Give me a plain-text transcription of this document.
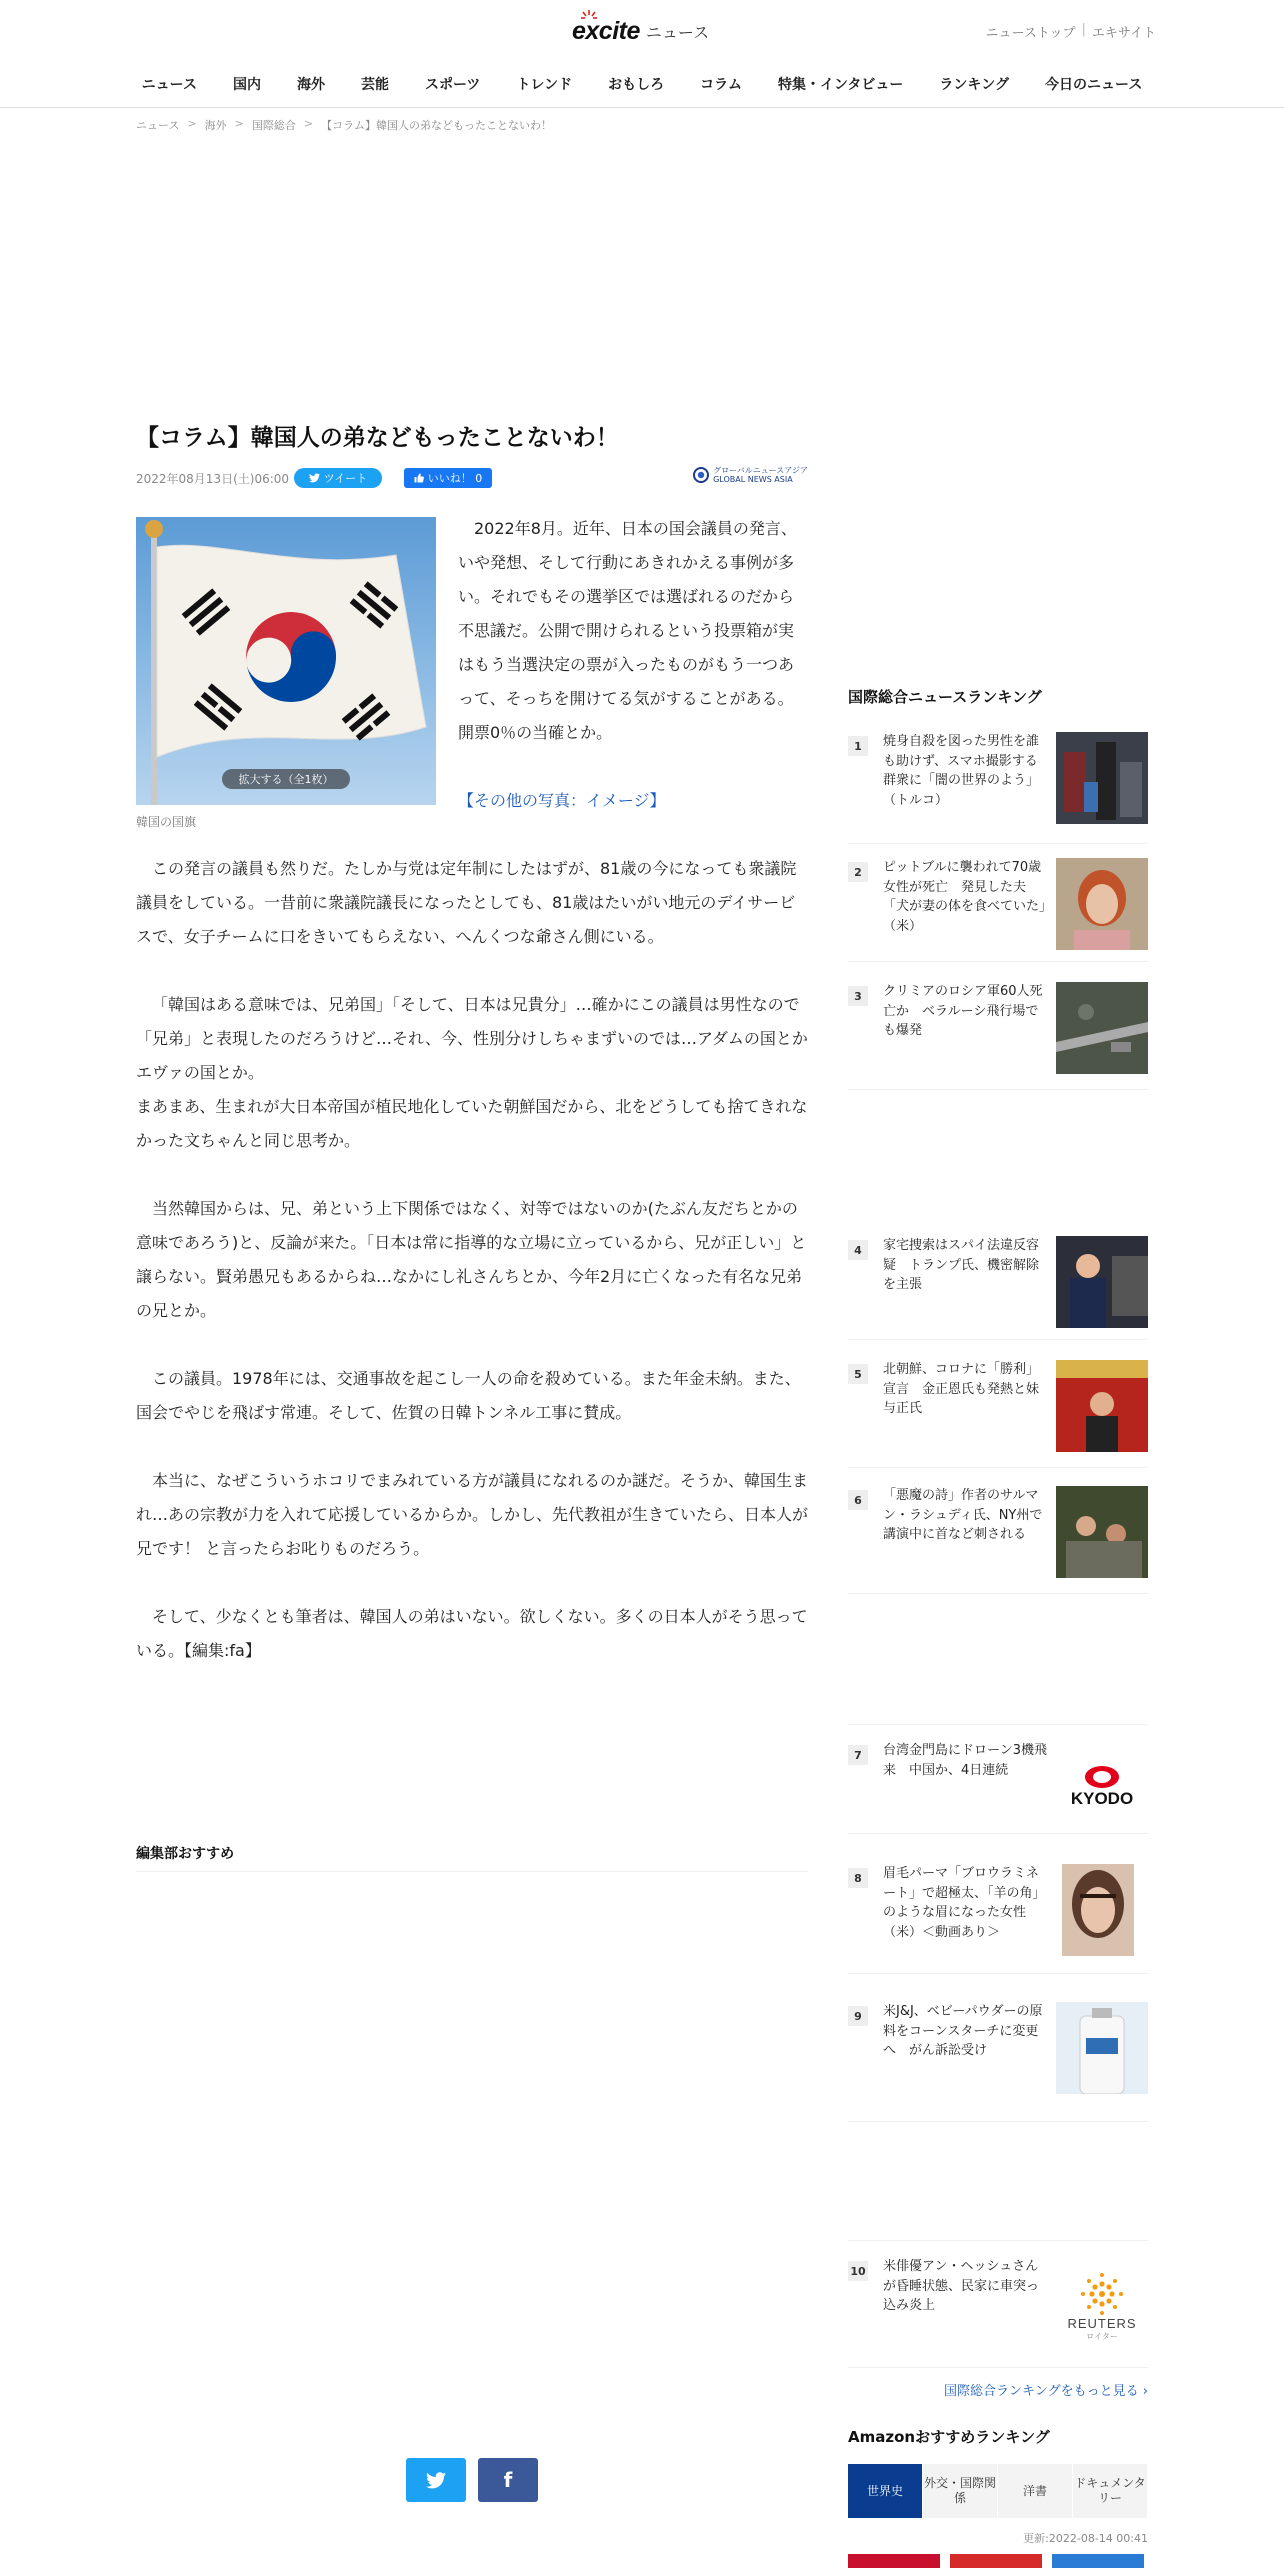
excite ニュース	ニューストップ | エキサイト
ニュース	国内	海外	芸能	スポーツ	トレンド	おもしろ	コラム	特集・インタビュー	ランキング	今日のニュース
ニュース > 海外 > 国際総合 > 【コラム】韓国人の弟などもったことないわ！
【コラム】韓国人の弟などもったことないわ！
2022年08月13日(土)06:00	ツイート	いいね！ 0
グローバルニュースアジア
GLOBAL NEWS ASIA
拡大する（全1枚）
韓国の国旗

2022年8月。近年、日本の国会議員の発言、いや発想、そして行動にあきれかえる事例が多い。それでもその選挙区では選ばれるのだから不思議だ。公開で開けられるという投票箱が実はもう当選決定の票が入ったものがもう一つあって、そっちを開けてる気がすることがある。開票0％の当確とか。

【その他の写真：イメージ】

この発言の議員も然りだ。たしか与党は定年制にしたはずが、81歳の今になっても衆議院議員をしている。一昔前に衆議院議長になったとしても、81歳はたいがい地元のデイサービスで、女子チームに口をきいてもらえない、へんくつな爺さん側にいる。

「韓国はある意味では、兄弟国」「そして、日本は兄貴分」…確かにこの議員は男性なので「兄弟」と表現したのだろうけど…それ、今、性別分けしちゃまずいのでは…アダムの国とかエヴァの国とか。

まあまあ、生まれが大日本帝国が植民地化していた朝鮮国だから、北をどうしても捨てきれなかった文ちゃんと同じ思考か。

当然韓国からは、兄、弟という上下関係ではなく、対等ではないのか(たぶん友だちとかの意味であろう)と、反論が来た。「日本は常に指導的な立場に立っているから、兄が正しい」と譲らない。賢弟愚兄もあるからね…なかにし礼さんちとか、今年2月に亡くなった有名な兄弟の兄とか。

この議員。1978年には、交通事故を起こし一人の命を殺めている。また年金未納。また、国会でやじを飛ばす常連。そして、佐賀の日韓トンネル工事に賛成。

本当に、なぜこういうホコリでまみれている方が議員になれるのか謎だ。そうか、韓国生まれ…あの宗教が力を入れて応援しているからか。しかし、先代教祖が生きていたら、日本人が兄です！ と言ったらお叱りものだろう。

そして、少なくとも筆者は、韓国人の弟はいない。欲しくない。多くの日本人がそう思っている。【編集:fa】

編集部おすすめ
f
国際総合ニュースランキング
1	焼身自殺を図った男性を誰も助けず、スマホ撮影する群衆に「闇の世界のよう」（トルコ）
2	ピットブルに襲われて70歳女性が死亡　発見した夫「犬が妻の体を食べていた」（米）
3	クリミアのロシア軍60人死亡か　ベラルーシ飛行場でも爆発
4	家宅捜索はスパイ法違反容疑　トランプ氏、機密解除を主張
5	北朝鮮、コロナに「勝利」宣言　金正恩氏も発熱と妹与正氏
6	「悪魔の詩」作者のサルマン・ラシュディ氏、NY州で講演中に首など刺される
7	台湾金門島にドローン3機飛来　中国か、4日連続
KYODO
8	眉毛パーマ「ブロウラミネート」で超極太、「羊の角」のような眉になった女性（米）＜動画あり＞
9	米J&J、ベビーパウダーの原料をコーンスターチに変更へ　がん訴訟受け
10 米俳優アン・ヘッシュさんが昏睡状態、民家に車突っ込み炎上
REUTERS
ロイター
国際総合ランキングをもっと見る ›
Amazonおすすめランキング
世界史
外交・国際関係
洋書
ドキュメンタリー
更新:2022-08-14 00:41
